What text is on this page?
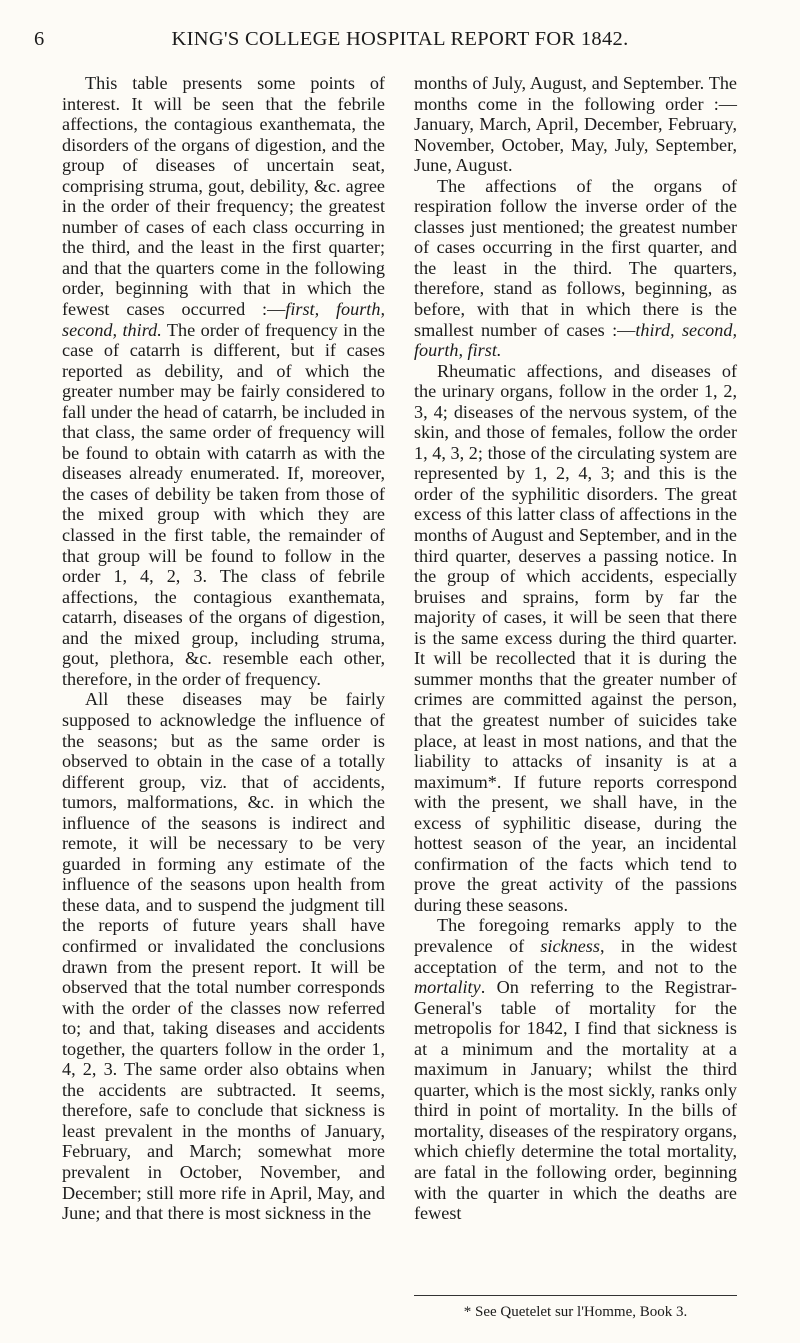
6	KING'S COLLEGE HOSPITAL REPORT FOR 1842.

This table presents some points of interest. It will be seen that the febrile affections, the contagious exanthemata, the disorders of the organs of digestion, and the group of diseases of uncertain seat, comprising struma, gout, debility, &c. agree in the order of their frequency; the greatest number of cases of each class occurring in the third, and the least in the first quarter; and that the quarters come in the following order, beginning with that in which the fewest cases occurred :—first, fourth, second, third. The order of frequency in the case of catarrh is different, but if cases reported as debility, and of which the greater number may be fairly considered to fall under the head of catarrh, be included in that class, the same order of frequency will be found to obtain with catarrh as with the diseases already enumerated. If, moreover, the cases of debility be taken from those of the mixed group with which they are classed in the first table, the remainder of that group will be found to follow in the order 1, 4, 2, 3. The class of febrile affections, the contagious exanthemata, catarrh, diseases of the organs of digestion, and the mixed group, including struma, gout, plethora, &c. resemble each other, therefore, in the order of frequency.

All these diseases may be fairly supposed to acknowledge the influence of the seasons; but as the same order is observed to obtain in the case of a totally different group, viz. that of accidents, tumors, malformations, &c. in which the influence of the seasons is indirect and remote, it will be necessary to be very guarded in forming any estimate of the influence of the seasons upon health from these data, and to suspend the judgment till the reports of future years shall have confirmed or invalidated the conclusions drawn from the present report. It will be observed that the total number corresponds with the order of the classes now referred to; and that, taking diseases and accidents together, the quarters follow in the order 1, 4, 2, 3. The same order also obtains when the accidents are subtracted. It seems, therefore, safe to conclude that sickness is least prevalent in the months of January, February, and March; somewhat more prevalent in October, November, and December; still more rife in April, May, and June; and that there is most sickness in the

months of July, August, and September. The months come in the following order :—January, March, April, December, February, November, October, May, July, September, June, August.

The affections of the organs of respiration follow the inverse order of the classes just mentioned; the greatest number of cases occurring in the first quarter, and the least in the third. The quarters, therefore, stand as follows, beginning, as before, with that in which there is the smallest number of cases :—third, second, fourth, first.

Rheumatic affections, and diseases of the urinary organs, follow in the order 1, 2, 3, 4; diseases of the nervous system, of the skin, and those of females, follow the order 1, 4, 3, 2; those of the circulating system are represented by 1, 2, 4, 3; and this is the order of the syphilitic disorders. The great excess of this latter class of affections in the months of August and September, and in the third quarter, deserves a passing notice. In the group of which accidents, especially bruises and sprains, form by far the majority of cases, it will be seen that there is the same excess during the third quarter. It will be recollected that it is during the summer months that the greater number of crimes are committed against the person, that the greatest number of suicides take place, at least in most nations, and that the liability to attacks of insanity is at a maximum*. If future reports correspond with the present, we shall have, in the excess of syphilitic disease, during the hottest season of the year, an incidental confirmation of the facts which tend to prove the great activity of the passions during these seasons.

The foregoing remarks apply to the prevalence of sickness, in the widest acceptation of the term, and not to the mortality. On referring to the Registrar-General's table of mortality for the metropolis for 1842, I find that sickness is at a minimum and the mortality at a maximum in January; whilst the third quarter, which is the most sickly, ranks only third in point of mortality. In the bills of mortality, diseases of the respiratory organs, which chiefly determine the total mortality, are fatal in the following order, beginning with the quarter in which the deaths are fewest

* See Quetelet sur l'Homme, Book 3.
